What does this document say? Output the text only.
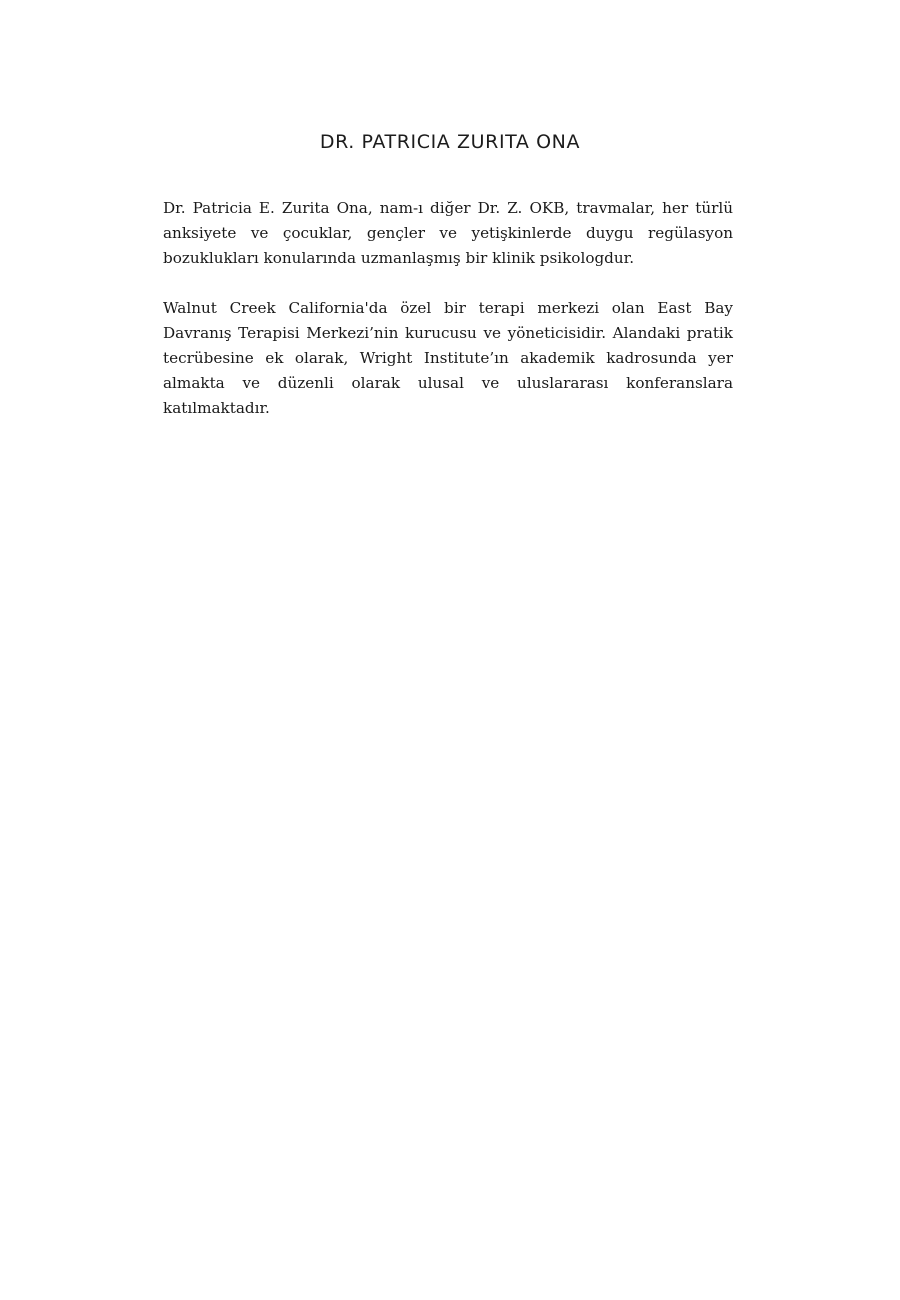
DR. PATRICIA ZURITA ONA

Dr. Patricia E. Zurita Ona, nam-ı diğer Dr. Z. OKB, travmalar, her türlü anksiyete ve çocuklar, gençler ve yetişkinlerde duygu regülasyon bozuklukları konularında uzmanlaşmış bir klinik psikologdur.

Walnut Creek California'da özel bir terapi merkezi olan East Bay Davranış Terapisi Merkezi’nin kurucusu ve yöneticisidir. Alandaki pratik tecrübesine ek olarak, Wright Institute’ın akademik kadrosunda yer almakta ve düzenli olarak ulusal ve uluslararası konferanslara katılmaktadır.
